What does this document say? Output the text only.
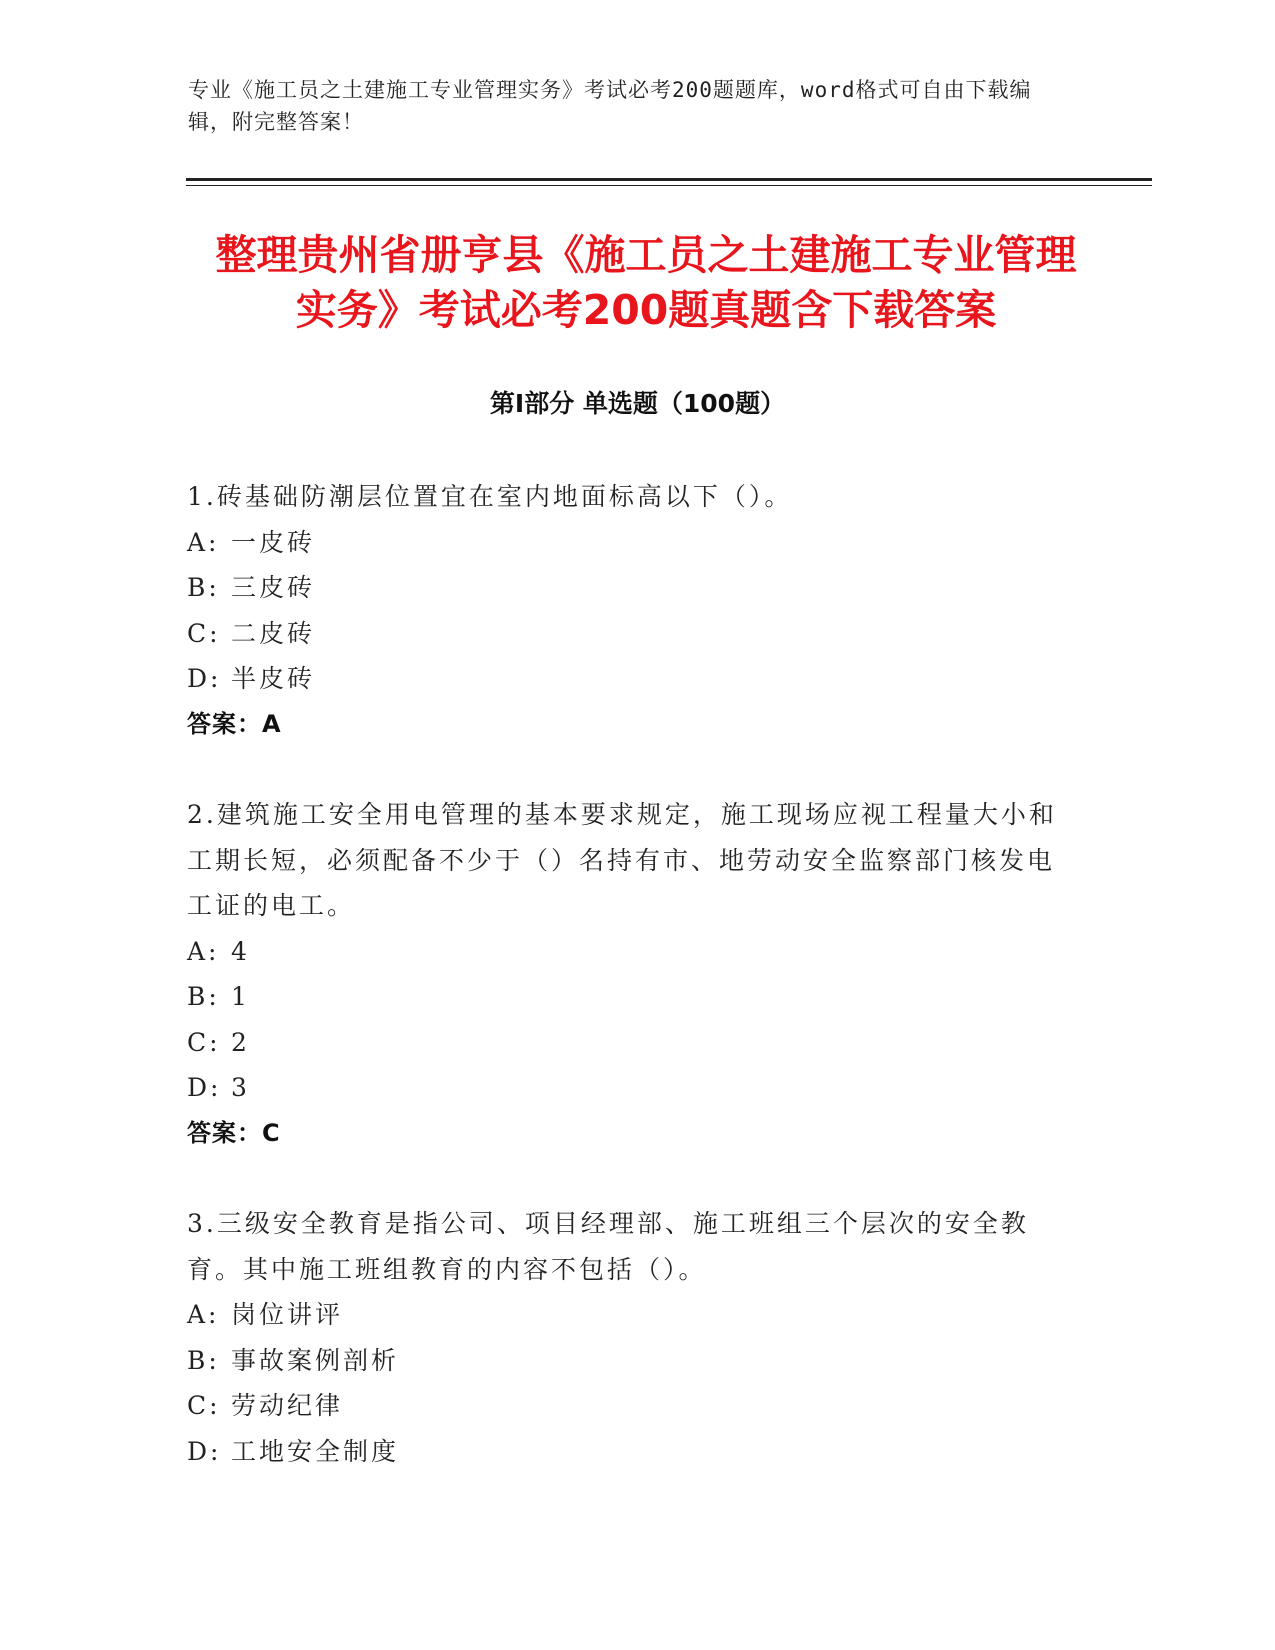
专业《施工员之土建施工专业管理实务》考试必考200题题库，word格式可自由下载编辑，附完整答案！
整理贵州省册亨县《施工员之土建施工专业管理实务》考试必考200题真题含下载答案
第Ⅰ部分 单选题（100题）

1.砖基础防潮层位置宜在室内地面标高以下（）。

A: 一皮砖

B: 三皮砖

C: 二皮砖

D: 半皮砖

答案：A

2.建筑施工安全用电管理的基本要求规定，施工现场应视工程量大小和工期长短，必须配备不少于（）名持有市、地劳动安全监察部门核发电工证的电工。

A: 4

B: 1

C: 2

D: 3

答案：C

3.三级安全教育是指公司、项目经理部、施工班组三个层次的安全教育。其中施工班组教育的内容不包括（）。

A: 岗位讲评

B: 事故案例剖析

C: 劳动纪律

D: 工地安全制度
